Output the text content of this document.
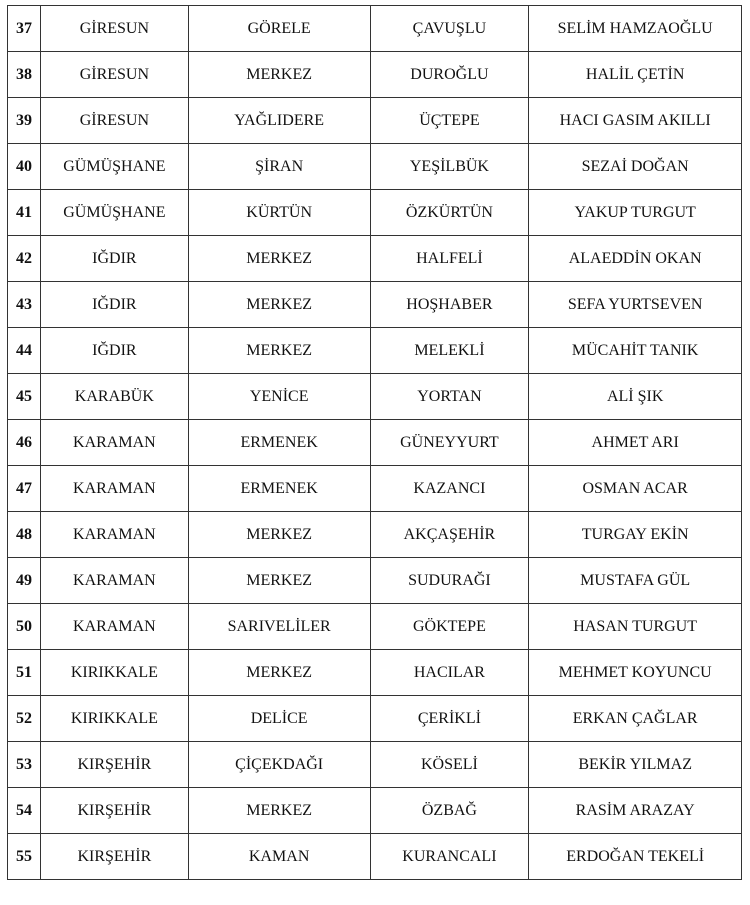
37	GİRESUN	GÖRELE	ÇAVUŞLU	SELİM HAMZAOĞLU
38	GİRESUN	MERKEZ	DUROĞLU	HALİL ÇETİN
39	GİRESUN	YAĞLIDERE	ÜÇTEPE	HACI GASIM AKILLI
40	GÜMÜŞHANE	ŞİRAN	YEŞİLBÜK	SEZAİ DOĞAN
41	GÜMÜŞHANE	KÜRTÜN	ÖZKÜRTÜN	YAKUP TURGUT
42	IĞDIR	MERKEZ	HALFELİ	ALAEDDİN OKAN
43	IĞDIR	MERKEZ	HOŞHABER	SEFA YURTSEVEN
44	IĞDIR	MERKEZ	MELEKLİ	MÜCAHİT TANIK
45	KARABÜK	YENİCE	YORTAN	ALİ ŞIK
46	KARAMAN	ERMENEK	GÜNEYYURT	AHMET ARI
47	KARAMAN	ERMENEK	KAZANCI	OSMAN ACAR
48	KARAMAN	MERKEZ	AKÇAŞEHİR	TURGAY EKİN
49	KARAMAN	MERKEZ	SUDURAĞI	MUSTAFA GÜL
50	KARAMAN	SARIVELİLER	GÖKTEPE	HASAN TURGUT
51	KIRIKKALE	MERKEZ	HACILAR	MEHMET KOYUNCU
52	KIRIKKALE	DELİCE	ÇERİKLİ	ERKAN ÇAĞLAR
53	KIRŞEHİR	ÇİÇEKDAĞI	KÖSELİ	BEKİR YILMAZ
54	KIRŞEHİR	MERKEZ	ÖZBAĞ	RASİM ARAZAY
55	KIRŞEHİR	KAMAN	KURANCALI	ERDOĞAN TEKELİ
